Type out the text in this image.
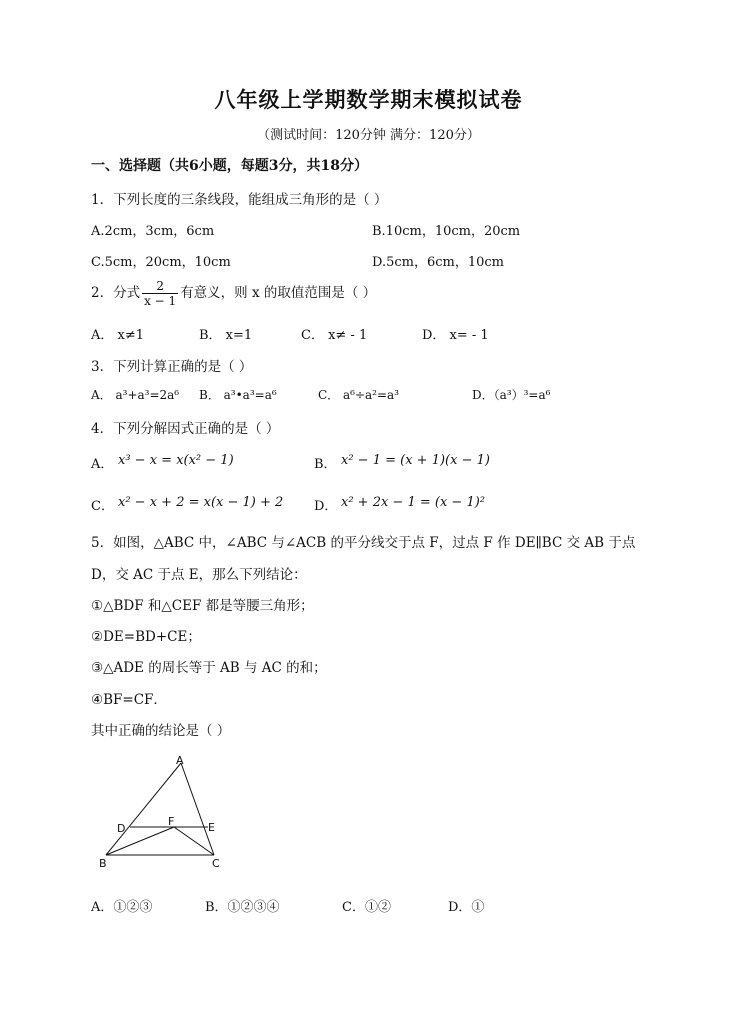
八年级上学期数学期末模拟试卷
（测试时间：120分钟 满分：120分）
一、选择题（共6小题，每题3分，共18分）
1．下列长度的三条线段，能组成三角形的是（ ）
A.2cm，3cm，6cm	B.10cm，10cm，20cm
C.5cm，20cm，10cm	D.5cm，6cm，10cm
2．分式 $\frac{2}{x - 1}$ 有意义，则 x 的取值范围是（ ）
A． x≠1	B． x=1	C． x≠ - 1	D． x= - 1
3．下列计算正确的是（ ）
A． a³+a³=2a⁶ B． a³•a³=a⁶	C． a⁶÷a²=a³	D．（a³）³=a⁶
4．下列分解因式正确的是（ ）
A． x³ − x = x(x² − 1)	B． x² − 1 = (x + 1)(x − 1)
C． x² − x + 2 = x(x − 1) + 2 D． x² + 2x − 1 = (x − 1)²
5．如图，△ABC 中，∠ABC 与∠ACB 的平分线交于点 F，过点 F 作 DE∥BC 交 AB 于点
D，交 AC 于点 E，那么下列结论：
①△BDF 和△CEF 都是等腰三角形；
②DE=BD+CE；
③△ADE 的周长等于 AB 与 AC 的和；
④BF=CF．
其中正确的结论是（ ）
A
D
F	E
B	C
A．①②③	B．①②③④	C．①②	D．①
